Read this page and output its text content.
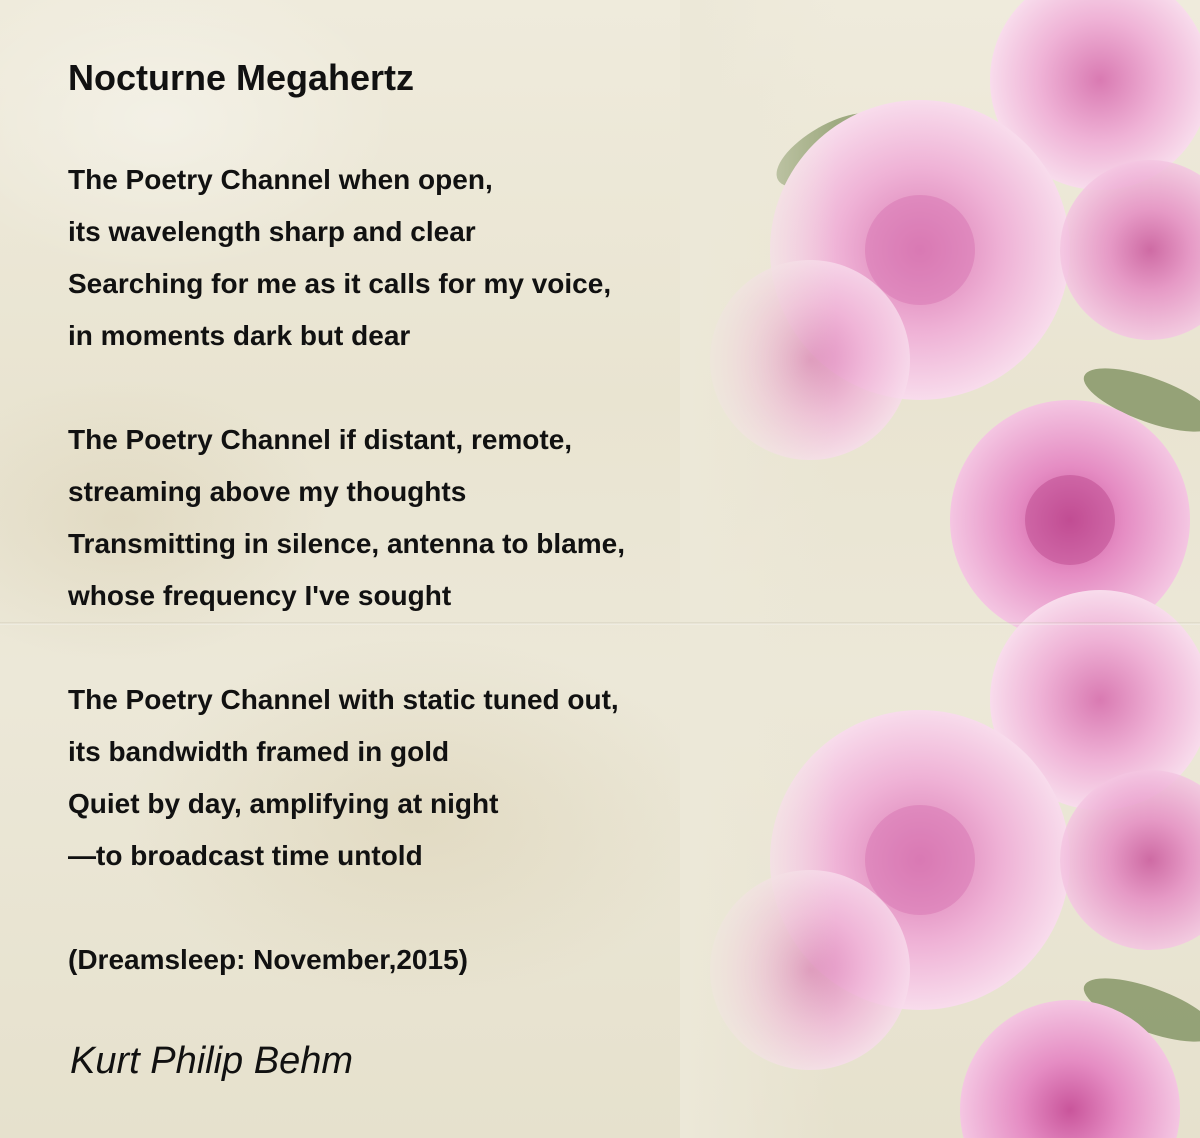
Nocturne Megahertz
The Poetry Channel when open,
its wavelength sharp and clear
Searching for me as it calls for my voice,
in moments dark but dear
The Poetry Channel if distant, remote,
streaming above my thoughts
Transmitting in silence, antenna to blame,
whose frequency I've sought
The Poetry Channel with static tuned out,
its bandwidth framed in gold
Quiet by day, amplifying at night
—to broadcast time untold
(Dreamsleep: November,2015)
Kurt Philip Behm
